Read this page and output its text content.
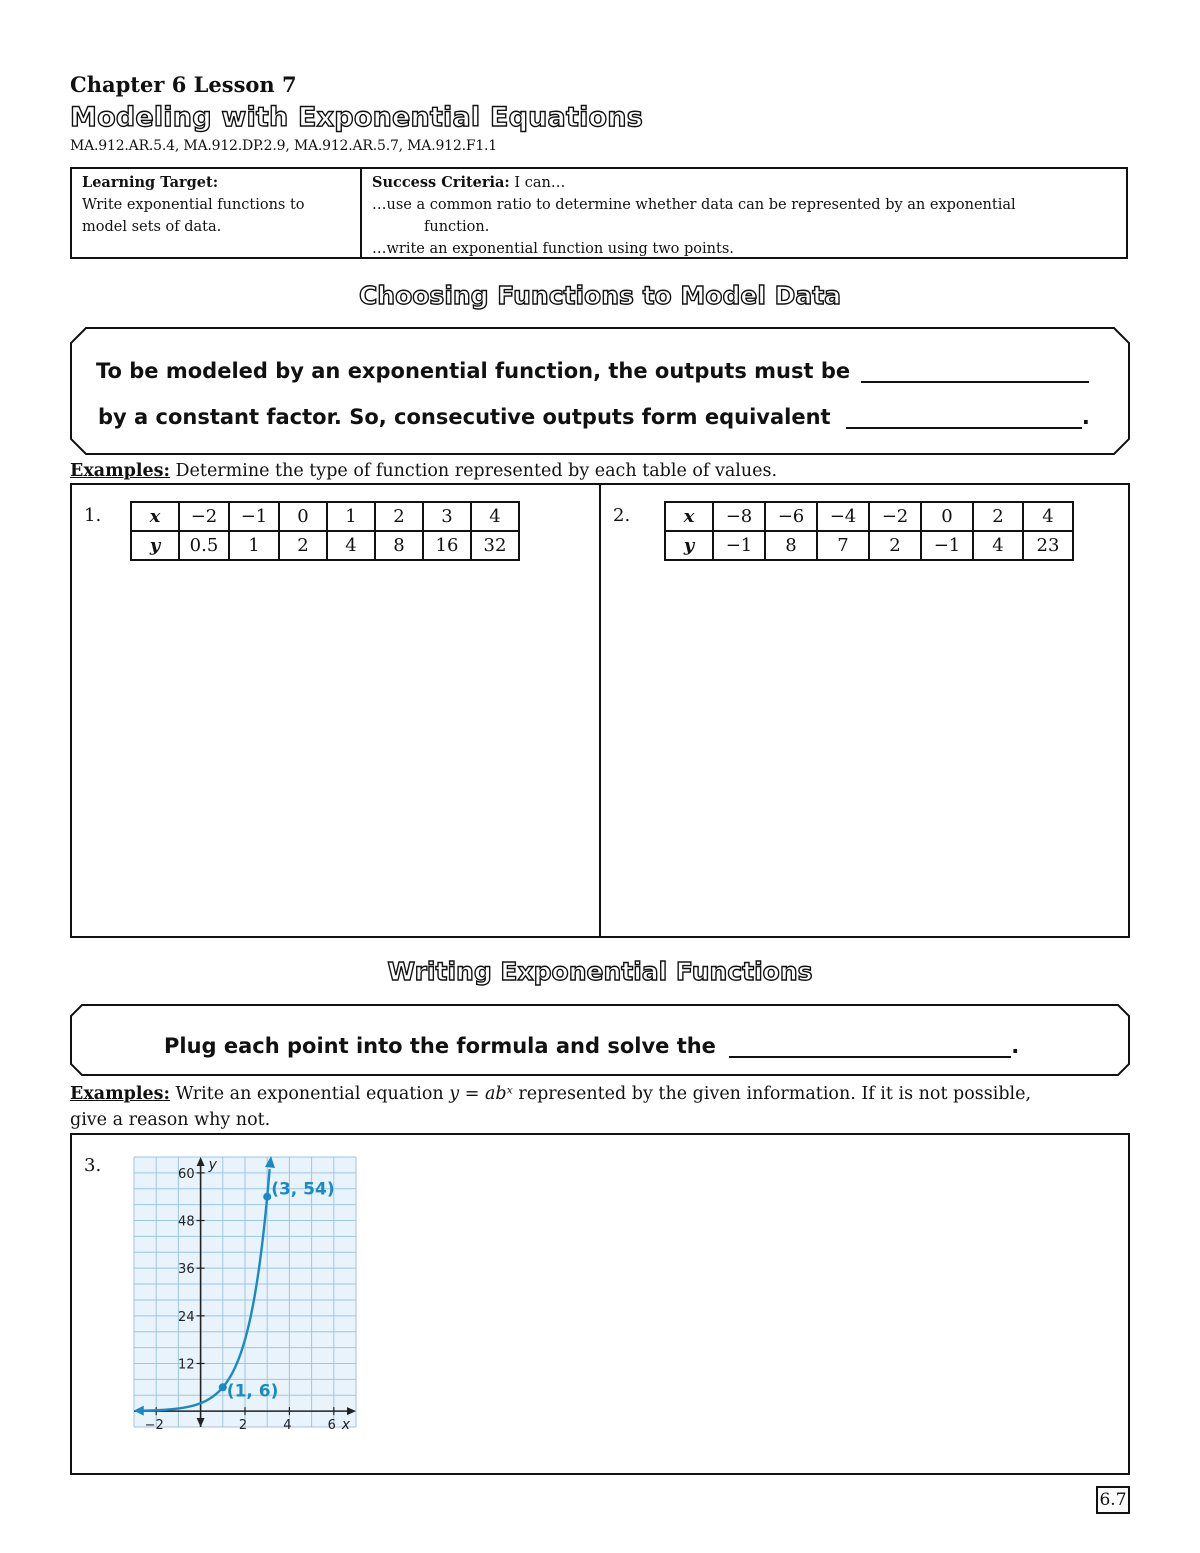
Chapter 6 Lesson 7
Modeling with Exponential Equations
MA.912.AR.5.4, MA.912.DP.2.9, MA.912.AR.5.7, MA.912.F1.1
Learning Target:
Write exponential functions to
model sets of data.
Success Criteria: I can…
…use a common ratio to determine whether data can be represented by an exponential
function.
…write an exponential function using two points.
Choosing Functions to Model Data
To be modeled by an exponential function, the outputs must be
by a constant factor. So, consecutive outputs form equivalent	.
Examples: Determine the type of function represented by each table of values.
1.	x	−2	−1	0	1	2	3	4
y	0.5	1	2	4	8	16	32
2.	x	−8	−6	−4	−2	0	2	4
y	−1	8	7	2	−1	4	23
Writing Exponential Functions
Plug each point into the formula and solve the	.
Examples: Write an exponential equation y = abˣ represented by the given information. If it is not possible,
give a reason why not.
3.
−2	2	4	6
12
24
36
48
60
y
x
(1, 6)
(3, 54)
6.7
